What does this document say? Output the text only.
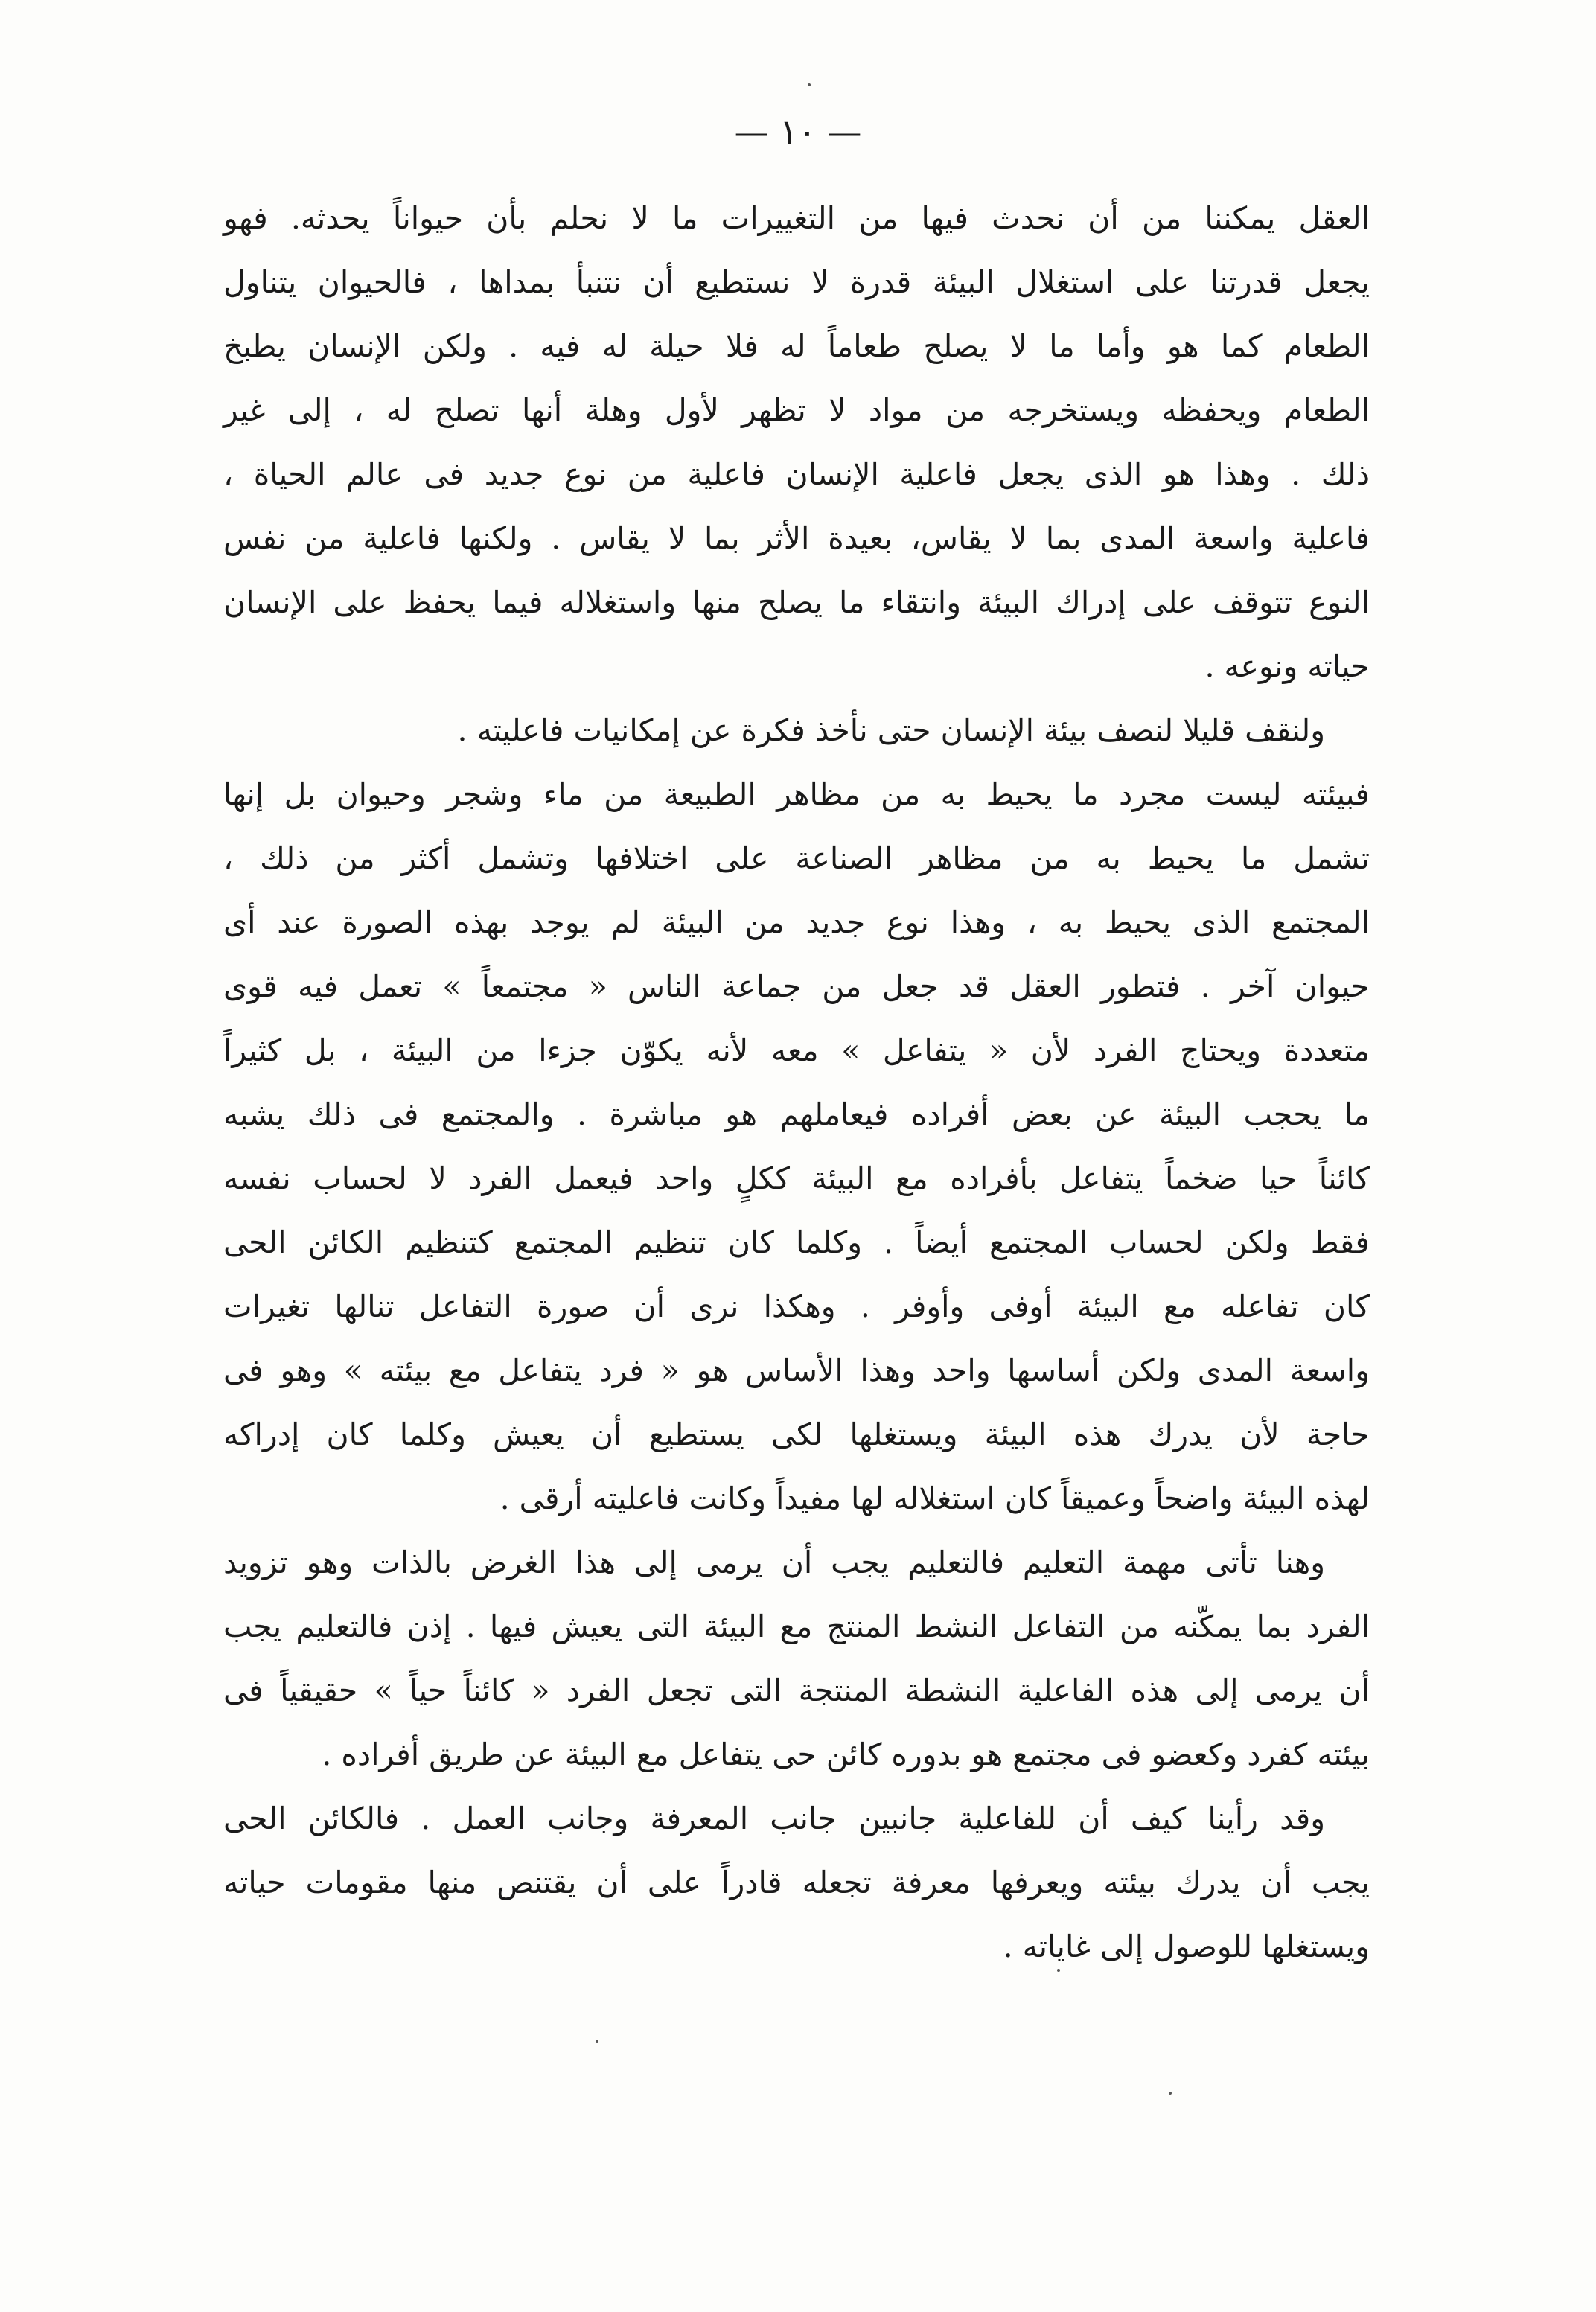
— ١٠ —
العقل يمكننا من أن نحدث فيها من التغييرات ما لا نحلم بأن حيواناً يحدثه. فهو
يجعل قدرتنا على استغلال البيئة قدرة لا نستطيع أن نتنبأ بمداها ، فالحيوان يتناول
الطعام كما هو وأما ما لا يصلح طعاماً له فلا حيلة له فيه . ولكن الإنسان يطبخ
الطعام ويحفظه ويستخرجه من مواد لا تظهر لأول وهلة أنها تصلح له ، إلى غير
ذلك . وهذا هو الذى يجعل فاعلية الإنسان فاعلية من نوع جديد فى عالم الحياة ،
فاعلية واسعة المدى بما لا يقاس، بعيدة الأثر بما لا يقاس . ولكنها فاعلية من نفس
النوع تتوقف على إدراك البيئة وانتقاء ما يصلح منها واستغلاله فيما يحفظ على الإنسان
حياته ونوعه .
ولنقف قليلا لنصف بيئة الإنسان حتى نأخذ فكرة عن إمكانيات فاعليته .
فبيئته ليست مجرد ما يحيط به من مظاهر الطبيعة من ماء وشجر وحيوان بل إنها
تشمل ما يحيط به من مظاهر الصناعة على اختلافها وتشمل أكثر من ذلك ،
المجتمع الذى يحيط به ، وهذا نوع جديد من البيئة لم يوجد بهذه الصورة عند أى
حيوان آخر . فتطور العقل قد جعل من جماعة الناس « مجتمعاً » تعمل فيه قوى
متعددة ويحتاج الفرد لأن « يتفاعل » معه لأنه يكوّن جزءا من البيئة ، بل كثيراً
ما يحجب البيئة عن بعض أفراده فيعاملهم هو مباشرة . والمجتمع فى ذلك يشبه
كائناً حيا ضخماً يتفاعل بأفراده مع البيئة ككلٍ واحد فيعمل الفرد لا لحساب نفسه
فقط ولكن لحساب المجتمع أيضاً . وكلما كان تنظيم المجتمع كتنظيم الكائن الحى
كان تفاعله مع البيئة أوفى وأوفر . وهكذا نرى أن صورة التفاعل تنالها تغيرات
واسعة المدى ولكن أساسها واحد وهذا الأساس هو « فرد يتفاعل مع بيئته » وهو فى
حاجة لأن يدرك هذه البيئة ويستغلها لكى يستطيع أن يعيش وكلما كان إدراكه
لهذه البيئة واضحاً وعميقاً كان استغلاله لها مفيداً وكانت فاعليته أرقى .
وهنا تأتى مهمة التعليم فالتعليم يجب أن يرمى إلى هذا الغرض بالذات وهو تزويد
الفرد بما يمكّنه من التفاعل النشط المنتج مع البيئة التى يعيش فيها . إذن فالتعليم يجب
أن يرمى إلى هذه الفاعلية النشطة المنتجة التى تجعل الفرد « كائناً حياً » حقيقياً فى
بيئته كفرد وكعضو فى مجتمع هو بدوره كائن حى يتفاعل مع البيئة عن طريق أفراده .
وقد رأينا كيف أن للفاعلية جانبين جانب المعرفة وجانب العمل . فالكائن الحى
يجب أن يدرك بيئته ويعرفها معرفة تجعله قادراً على أن يقتنص منها مقومات حياته
ويستغلها للوصول إلى غاياته .
